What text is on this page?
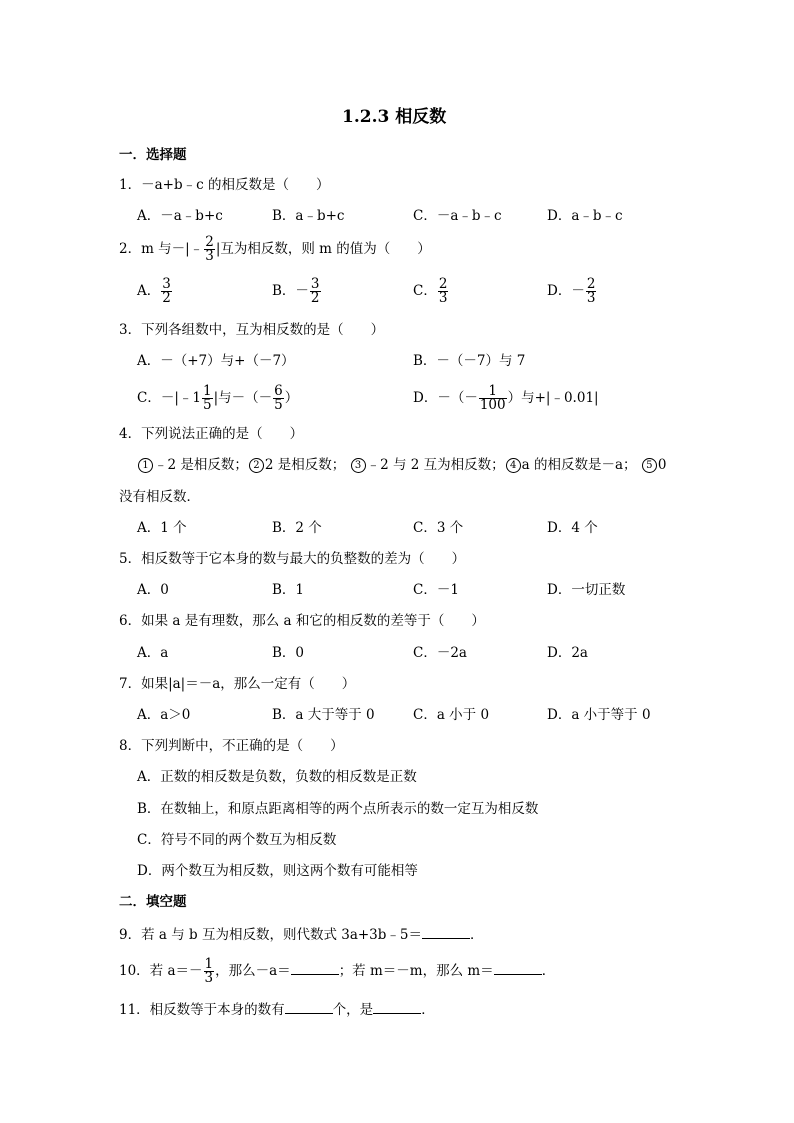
1.2.3 相反数
一．选择题
1．－a+b﹣c 的相反数是（　　）
A．－a﹣b+c	B．a﹣b+c	C．－a﹣b﹣c	D．a﹣b﹣c
2．m 与－|﹣ $\frac{2}{3}$ |互为相反数，则 m 的值为（　　）
A． $\frac{3}{2}$	B．－ $\frac{3}{2}$	C． $\frac{2}{3}$	D．－ $\frac{2}{3}$
3．下列各组数中，互为相反数的是（　　）
A．－（+7）与+（－7）	B．－（－7）与 7
C．－|﹣1 $\frac{1}{5}$ |与－（－ $\frac{6}{5}$ ）	D．－（－ $\frac{1}{100}$ ）与+|﹣0.01|
4．下列说法正确的是（　　）
1 ﹣2 是相反数； 2 2 是相反数； 3 ﹣2 与 2 互为相反数； 4 a 的相反数是－a； 5 0
没有相反数．
A．1 个	B．2 个	C．3 个	D．4 个
5．相反数等于它本身的数与最大的负整数的差为（　　）
A．0	B．1	C．－1	D．一切正数
6．如果 a 是有理数，那么 a 和它的相反数的差等于（　　）
A．a	B．0	C．－2a	D．2a
7．如果|a|＝－a，那么一定有（　　）
A．a＞0	B．a 大于等于 0	C．a 小于 0	D．a 小于等于 0
8．下列判断中，不正确的是（　　）
A．正数的相反数是负数，负数的相反数是正数
B．在数轴上，和原点距离相等的两个点所表示的数一定互为相反数
C．符号不同的两个数互为相反数
D．两个数互为相反数，则这两个数有可能相等
二．填空题
9．若 a 与 b 互为相反数，则代数式 3a+3b﹣5＝	．
10．若 $a=- \frac{1}{3}$ ，那么－a＝	；若 m＝－m，那么 m＝	．
11．相反数等于本身的数有	个，是	．
